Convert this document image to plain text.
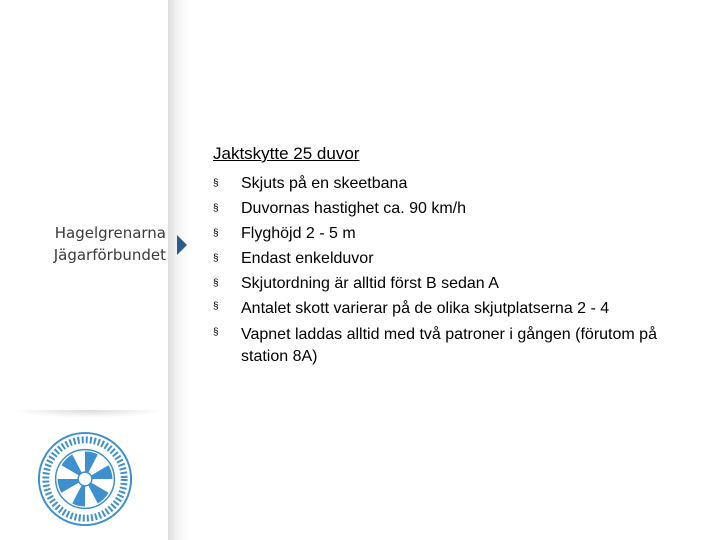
Hagelgrenarna
Jägarförbundet
Jaktskytte 25 duvor
§	Skjuts på en skeetbana
§	Duvornas hastighet ca. 90 km/h
§	Flyghöjd 2 - 5 m
§	Endast enkelduvor
§	Skjutordning är alltid först B sedan A
§	Antalet skott varierar på de olika skjutplatserna 2 - 4
§	Vapnet laddas alltid med två patroner i gången (förutom på station 8A)
